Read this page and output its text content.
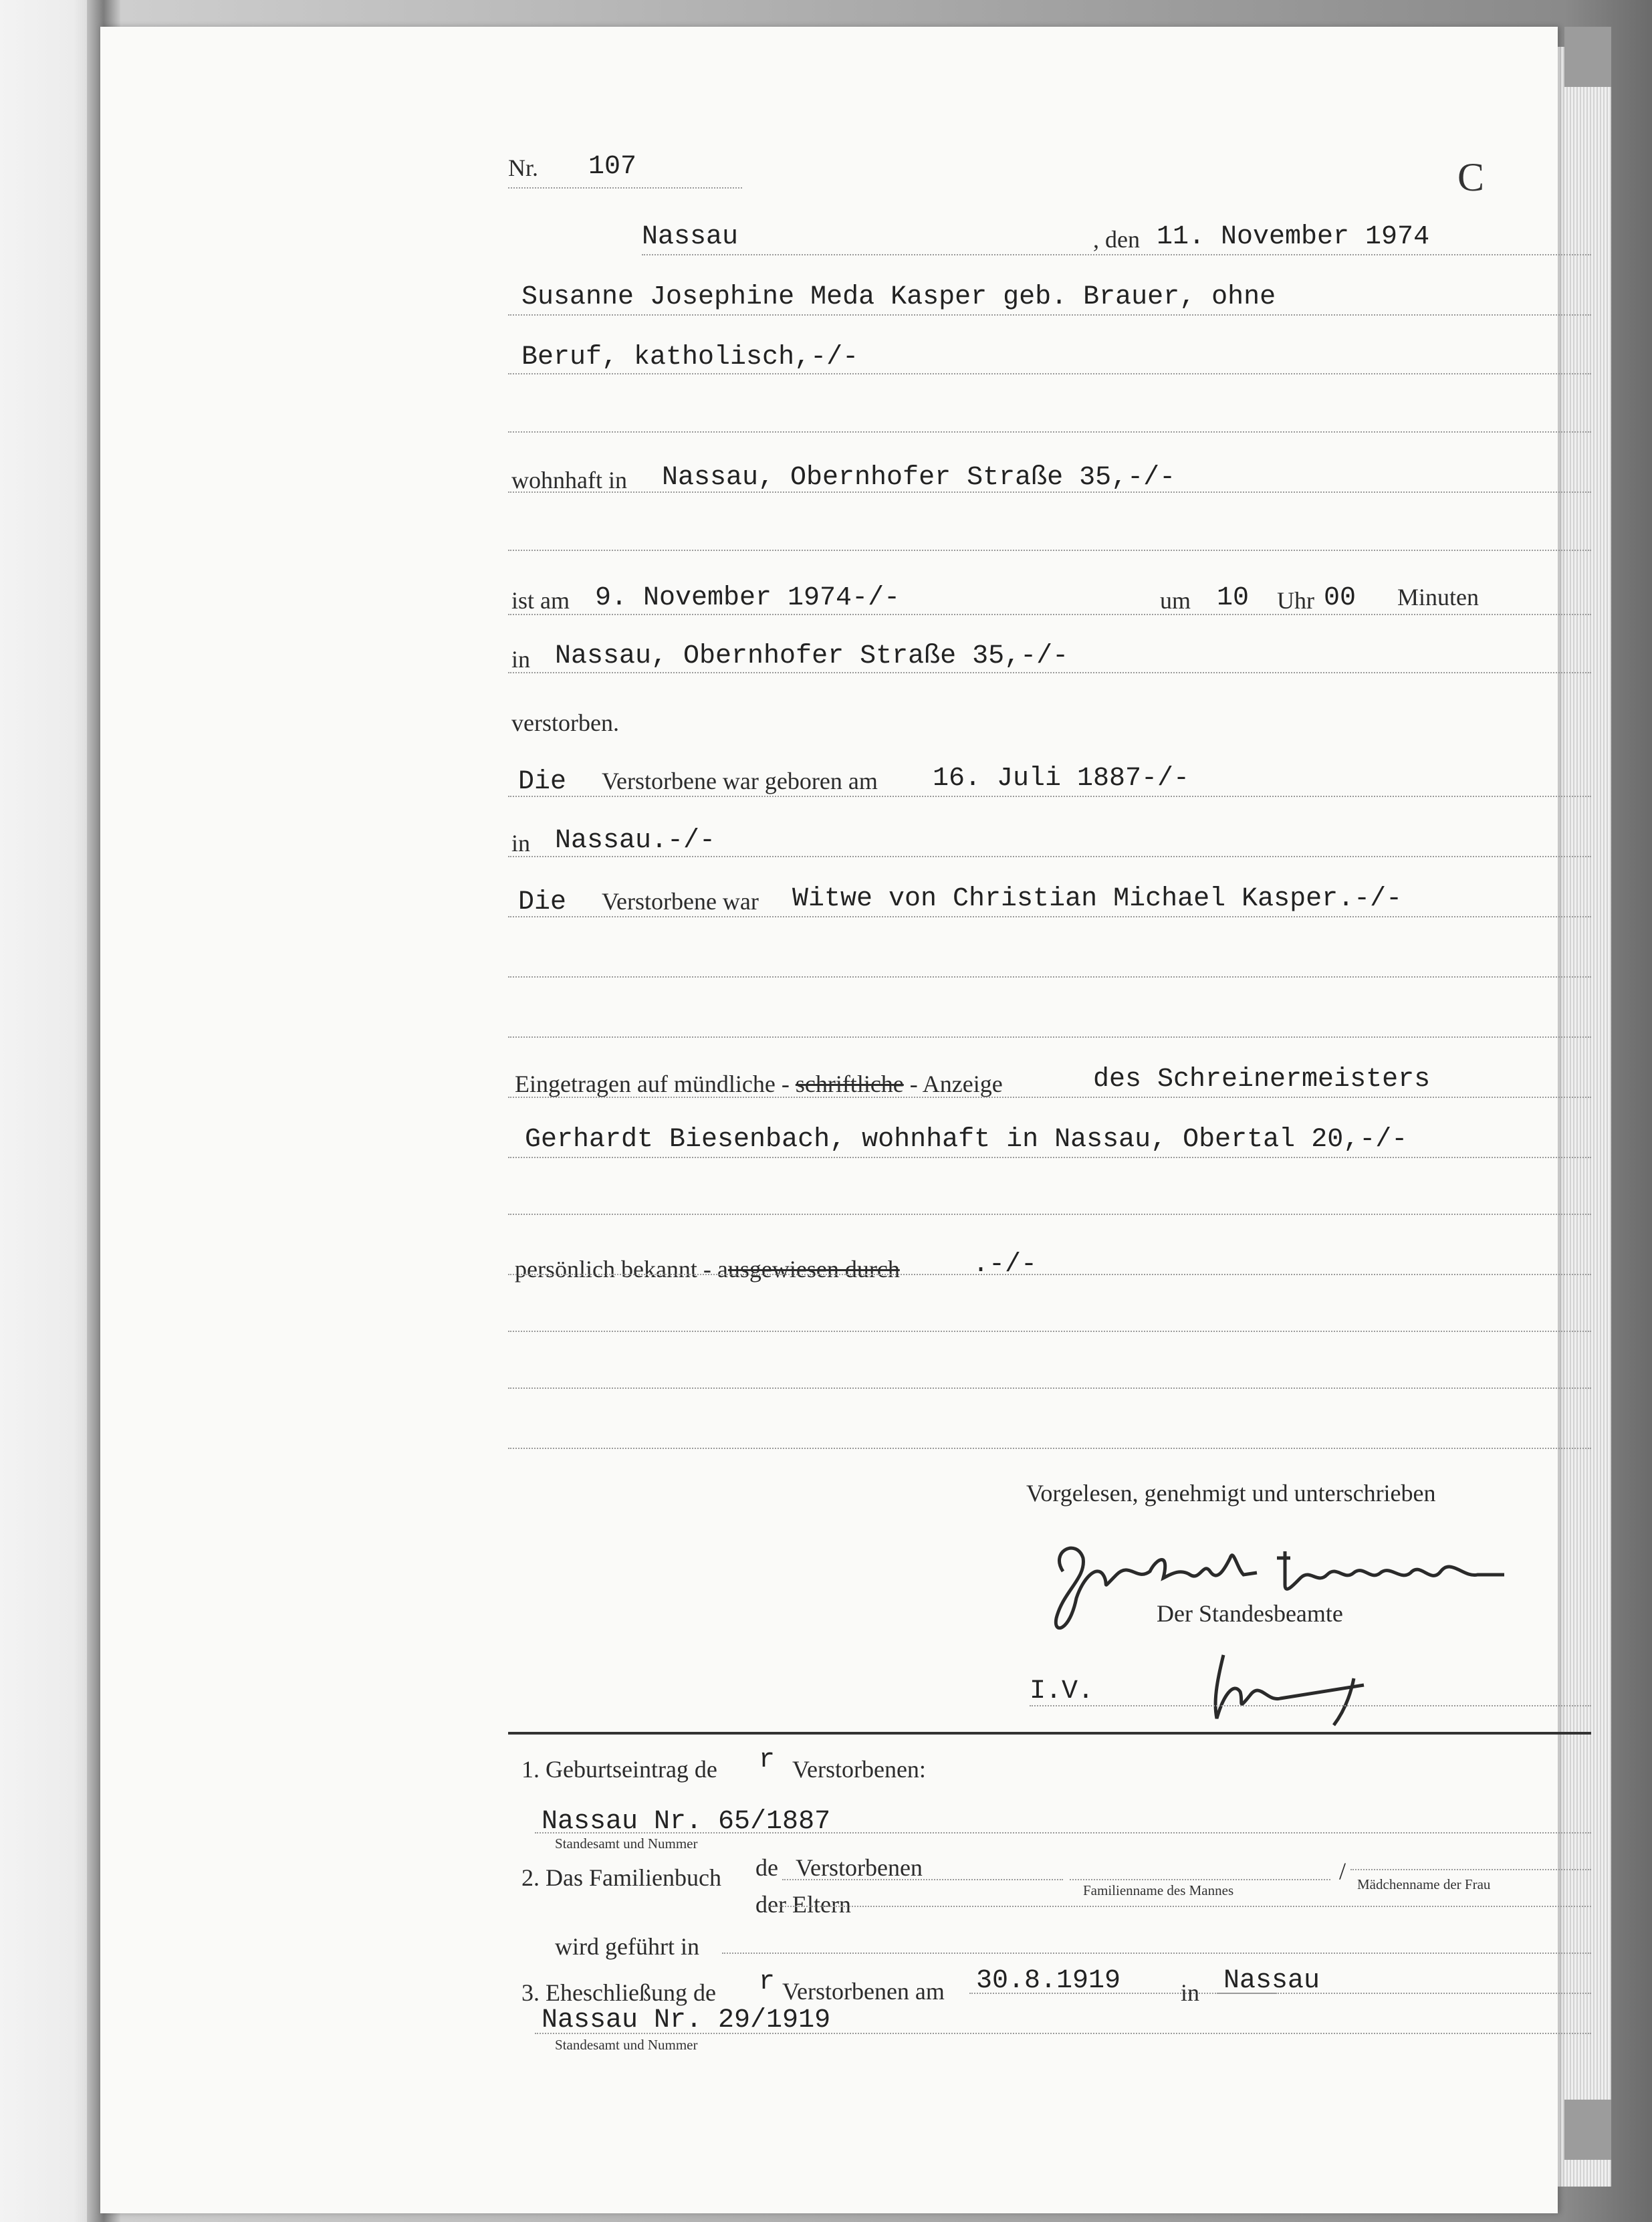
Nr. 107	C
Nassau	, den 11. November 1974
Susanne Josephine Meda Kasper geb. Brauer, ohne
Beruf, katholisch,-/-
wohnhaft in Nassau, Obernhofer Straße 35,-/-
ist am 9. November 1974-/-	um 10 Uhr 00 Minuten
in Nassau, Obernhofer Straße 35,-/-
verstorben.
Die Verstorbene war geboren am 16. Juli 1887-/-
in Nassau.-/-
Die Verstorbene war Witwe von Christian Michael Kasper.-/-
Eingetragen auf mündliche - schriftliche - Anzeige	des Schreinermeisters
Gerhardt Biesenbach, wohnhaft in Nassau, Obertal 20,-/-
persönlich bekannt - ausgewiesen durch	.-/-
Vorgelesen, genehmigt und unterschrieben
Der Standesbeamte
I.V.
1. Geburtseintrag de r Verstorbenen:
Nassau Nr. 65/1887
Standesamt und Nummer
2. Das Familienbuch de Verstorbenen
der Eltern
Familienname des Mannes
/ Mädchenname der Frau
wird geführt in
3. Eheschließung de r Verstorbenen am 30.8.1919 in Nassau
Nassau Nr. 29/1919
Standesamt und Nummer
